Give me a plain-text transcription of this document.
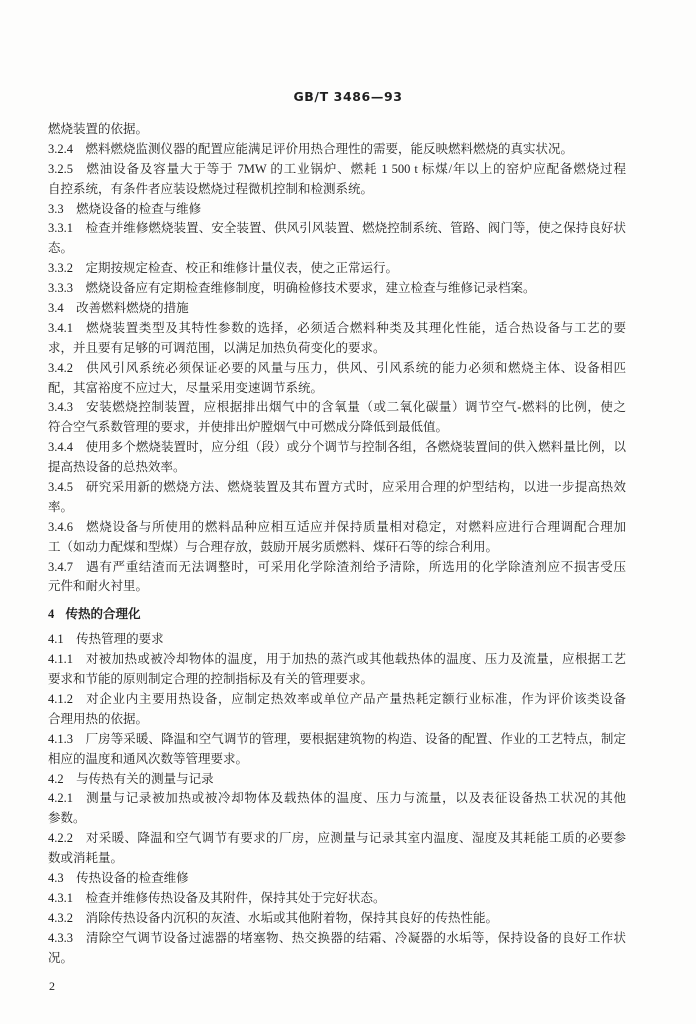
GB/T 3486—93
燃烧装置的依据。
3.2.4 燃料燃烧监测仪器的配置应能满足评价用热合理性的需要，能反映燃料燃烧的真实状况。
3.2.5 燃油设备及容量大于等于 7MW 的工业锅炉、燃耗 1 500 t 标煤/年以上的窑炉应配备燃烧过程
自控系统，有条件者应装设燃烧过程微机控制和检测系统。
3.3 燃烧设备的检查与维修
3.3.1 检查并维修燃烧装置、安全装置、供风引风装置、燃烧控制系统、管路、阀门等，使之保持良好状
态。
3.3.2 定期按规定检查、校正和维修计量仪表，使之正常运行。
3.3.3 燃烧设备应有定期检查维修制度，明确检修技术要求，建立检查与维修记录档案。
3.4 改善燃料燃烧的措施
3.4.1 燃烧装置类型及其特性参数的选择，必须适合燃料种类及其理化性能，适合热设备与工艺的要
求，并且要有足够的可调范围，以满足加热负荷变化的要求。
3.4.2 供风引风系统必须保证必要的风量与压力，供风、引风系统的能力必须和燃烧主体、设备相匹
配，其富裕度不应过大，尽量采用变速调节系统。
3.4.3 安装燃烧控制装置，应根据排出烟气中的含氧量（或二氧化碳量）调节空气-燃料的比例，使之
符合空气系数管理的要求，并使排出炉膛烟气中可燃成分降低到最低值。
3.4.4 使用多个燃烧装置时，应分组（段）或分个调节与控制各组，各燃烧装置间的供入燃料量比例，以
提高热设备的总热效率。
3.4.5 研究采用新的燃烧方法、燃烧装置及其布置方式时，应采用合理的炉型结构，以进一步提高热效
率。
3.4.6 燃烧设备与所使用的燃料品种应相互适应并保持质量相对稳定，对燃料应进行合理调配合理加
工（如动力配煤和型煤）与合理存放，鼓励开展劣质燃料、煤矸石等的综合利用。
3.4.7 遇有严重结渣而无法调整时，可采用化学除渣剂给予清除，所选用的化学除渣剂应不损害受压
元件和耐火衬里。
4 传热的合理化
4.1 传热管理的要求
4.1.1 对被加热或被冷却物体的温度，用于加热的蒸汽或其他载热体的温度、压力及流量，应根据工艺
要求和节能的原则制定合理的控制指标及有关的管理要求。
4.1.2 对企业内主要用热设备，应制定热效率或单位产品产量热耗定额行业标准，作为评价该类设备
合理用热的依据。
4.1.3 厂房等采暖、降温和空气调节的管理，要根据建筑物的构造、设备的配置、作业的工艺特点，制定
相应的温度和通风次数等管理要求。
4.2 与传热有关的测量与记录
4.2.1 测量与记录被加热或被冷却物体及载热体的温度、压力与流量，以及表征设备热工状况的其他
参数。
4.2.2 对采暖、降温和空气调节有要求的厂房，应测量与记录其室内温度、湿度及其耗能工质的必要参
数或消耗量。
4.3 传热设备的检查维修
4.3.1 检查并维修传热设备及其附件，保持其处于完好状态。
4.3.2 消除传热设备内沉积的灰渣、水垢或其他附着物，保持其良好的传热性能。
4.3.3 清除空气调节设备过滤器的堵塞物、热交换器的结霜、冷凝器的水垢等，保持设备的良好工作状
况。
2
